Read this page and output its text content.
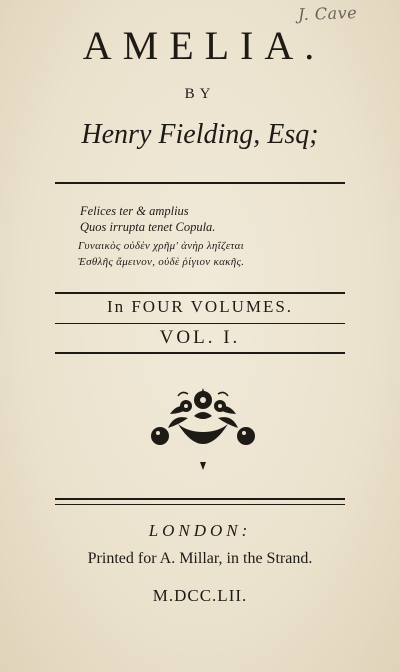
J. Cave
AMELIA.
BY
Henry Fielding, Esq;
Felices ter & amplius
Quos irrupta tenet Copula.
Γυναικὸς οὐδὲν χρῆμ' ἀνὴρ ληΐζεται
Ἐσθλῆς ἄμεινον, οὐδὲ ῥίγιον κακῆς.
In FOUR VOLUMES.
VOL. I.
LONDON:
Printed for A. Millar, in the Strand.
M.DCC.LII.
